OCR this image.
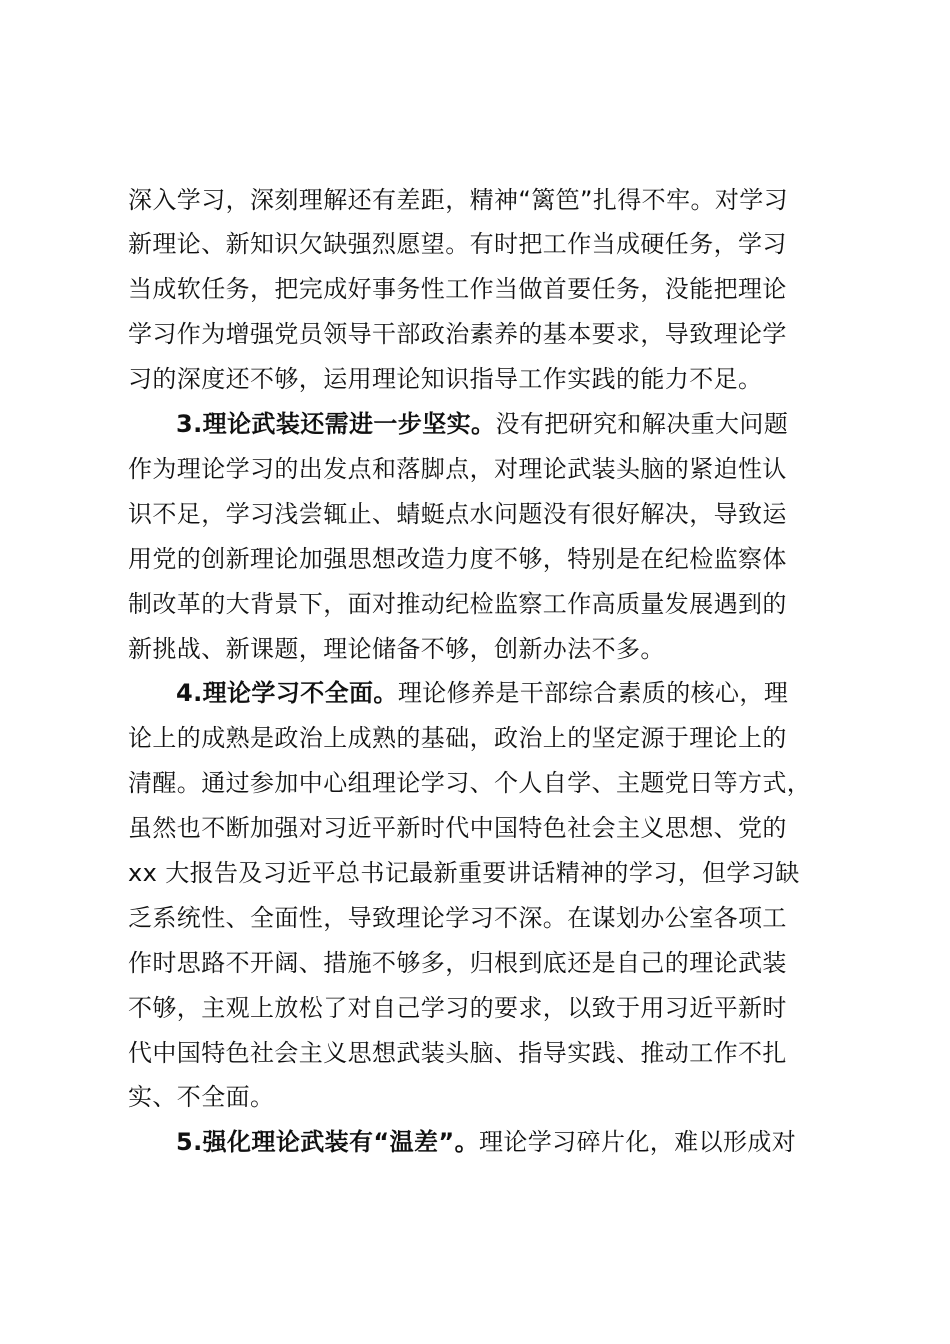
深入学习，深刻理解还有差距，精神“篱笆”扎得不牢。对学习
新理论、新知识欠缺强烈愿望。有时把工作当成硬任务，学习
当成软任务，把完成好事务性工作当做首要任务，没能把理论
学习作为增强党员领导干部政治素养的基本要求，导致理论学
习的深度还不够，运用理论知识指导工作实践的能力不足。
3.理论武装还需进一步坚实。没有把研究和解决重大问题
作为理论学习的出发点和落脚点，对理论武装头脑的紧迫性认
识不足，学习浅尝辄止、蜻蜓点水问题没有很好解决，导致运
用党的创新理论加强思想改造力度不够，特别是在纪检监察体
制改革的大背景下，面对推动纪检监察工作高质量发展遇到的
新挑战、新课题，理论储备不够，创新办法不多。
4.理论学习不全面。理论修养是干部综合素质的核心，理
论上的成熟是政治上成熟的基础，政治上的坚定源于理论上的
清醒。通过参加中心组理论学习、个人自学、主题党日等方式，
虽然也不断加强对习近平新时代中国特色社会主义思想、党的
xx 大报告及习近平总书记最新重要讲话精神的学习，但学习缺
乏系统性、全面性，导致理论学习不深。在谋划办公室各项工
作时思路不开阔、措施不够多，归根到底还是自己的理论武装
不够，主观上放松了对自己学习的要求，以致于用习近平新时
代中国特色社会主义思想武装头脑、指导实践、推动工作不扎
实、不全面。
5.强化理论武装有“温差”。理论学习碎片化，难以形成对
